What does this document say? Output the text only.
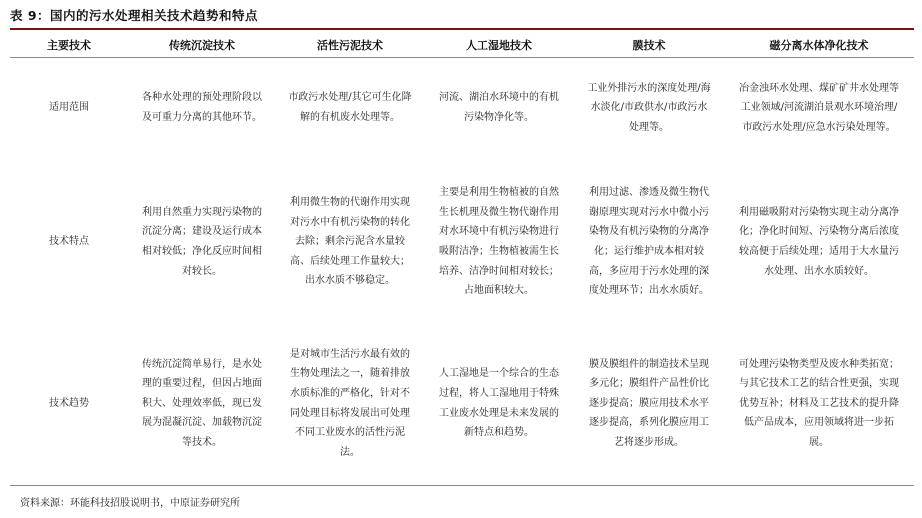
表 9：国内的污水处理相关技术趋势和特点
主要技术	传统沉淀技术	活性污泥技术	人工湿地技术	膜技术	磁分离水体净化技术
适用范围	各种水处理的预处理阶段以及可重力分离的其他环节。	市政污水处理/其它可生化降解的有机废水处理等。	河流、湖泊水环境中的有机污染物净化等。	工业外排污水的深度处理/海水淡化/市政供水/市政污水处理等。	冶金浊环水处理、煤矿矿井水处理等工业领域/河流湖泊景观水环境治理/市政污水处理/应急水污染处理等。
技术特点	利用自然重力实现污染物的沉淀分离；建设及运行成本相对较低；净化反应时间相对较长。	利用微生物的代谢作用实现对污水中有机污染物的转化去除；剩余污泥含水量较高、后续处理工作量较大；出水水质不够稳定。	主要是利用生物植被的自然生长机理及微生物代谢作用对水环境中有机污染物进行吸附洁净；生物植被需生长培养、洁净时间相对较长；占地面积较大。	利用过滤、渗透及微生物代谢原理实现对污水中微小污染物及有机污染物的分离净化；运行维护成本相对较高，多应用于污水处理的深度处理环节；出水水质好。	利用磁吸附对污染物实现主动分离净化；净化时间短、污染物分离后浓度较高便于后续处理；适用于大水量污水处理、出水水质较好。
技术趋势	传统沉淀简单易行，是水处理的重要过程，但因占地面积大、处理效率低，现已发展为混凝沉淀、加载物沉淀等技术。	是对城市生活污水最有效的生物处理法之一，随着排放水质标准的严格化，针对不同处理目标将发展出可处理不同工业废水的活性污泥法。	人工湿地是一个综合的生态过程，将人工湿地用于特殊工业废水处理是未来发展的新特点和趋势。	膜及膜组件的制造技术呈现多元化；膜组件产品性价比逐步提高；膜应用技术水平逐步提高，系列化膜应用工艺将逐步形成。	可处理污染物类型及废水种类拓宽；与其它技术工艺的结合性更强，实现优势互补；材料及工艺技术的提升降低产品成本，应用领域将进一步拓展。
资料来源：环能科技招股说明书，中原证券研究所
